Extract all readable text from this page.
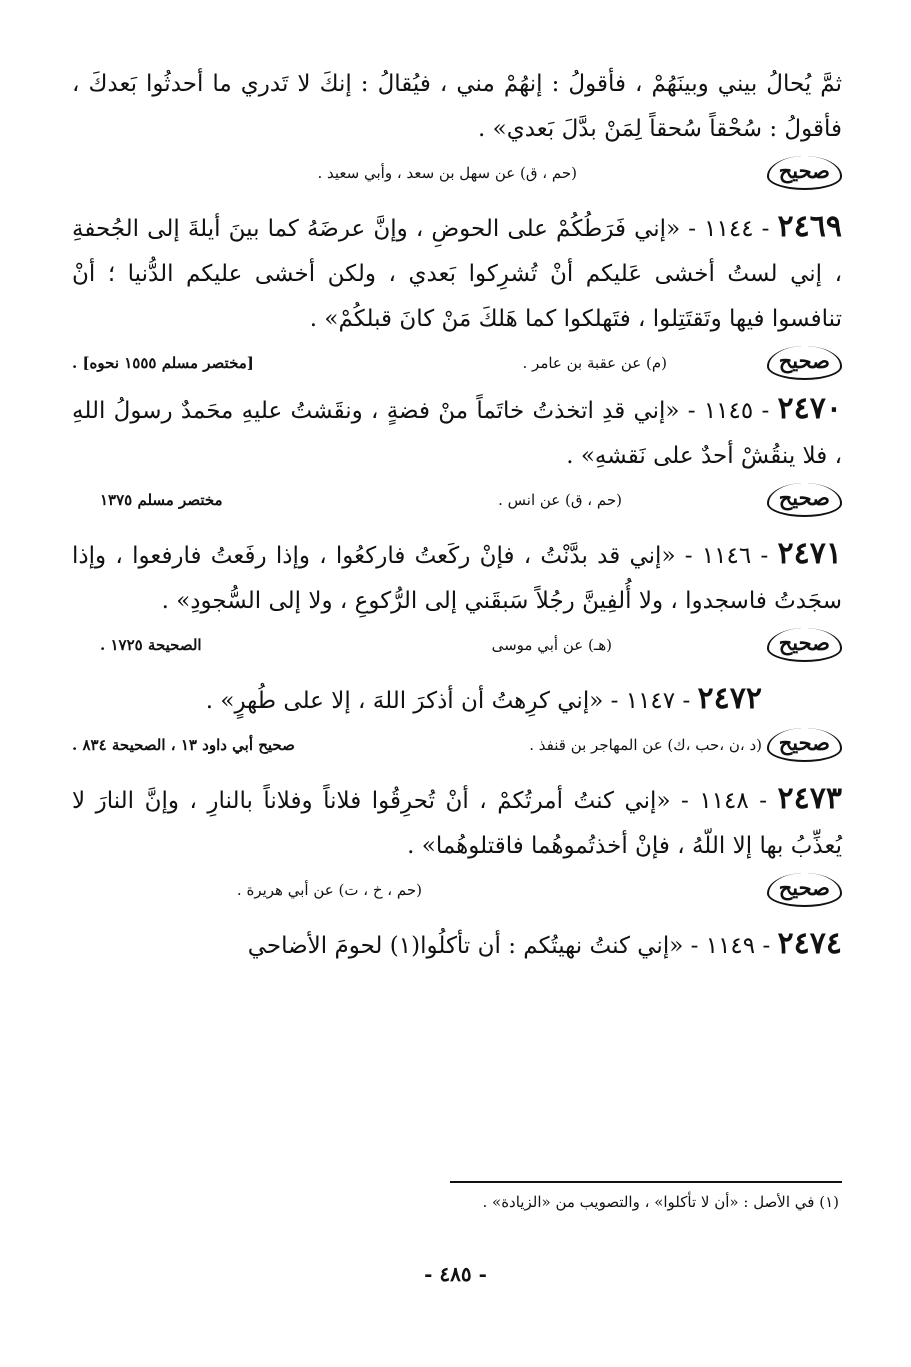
ثمَّ يُحالُ بيني وبينَهُمْ ، فأقولُ : إنهُمْ مني ، فيُقالُ : إنكَ لا تَدري ما أحدثُوا بَعدكَ ، فأقولُ : سُحْقاً سُحقاً لِمَنْ بدَّلَ بَعدي» .

صحيح
(حم ، ق) عن سهل بن سعد ، وأبي سعيد .

٢٤٦٩ - ١١٤٤ - «إني فَرَطُكُمْ على الحوضِ ، وإنَّ عرضَهُ كما بينَ أيلةَ إلى الجُحفةِ ، إني لستُ أخشى عَليكم أنْ تُشرِكوا بَعدي ، ولكن أخشى عليكم الدُّنيا ؛ أنْ تنافسوا فيها وتَقتَتِلوا ، فتَهلكوا كما هَلكَ مَنْ كانَ قبلكُمْ» .

صحيح
(م) عن عقبة بن عامر .
[مختصر مسلم ١٥٥٥ نحوه] .

٢٤٧٠ - ١١٤٥ - «إني قدِ اتخذتُ خاتَماً منْ فضةٍ ، ونقَشتُ عليهِ محَمدٌ رسولُ اللهِ ، فلا ينقُشْ أحدٌ على نَقشهِ» .

صحيح
(حم ، ق) عن انس .
مختصر مسلم ١٣٧٥

٢٤٧١ - ١١٤٦ - «إني قد بدَّنْتُ ، فإنْ ركَعتُ فاركعُوا ، وإذا رفَعتُ فارفعوا ، وإذا سجَدتُ فاسجدوا ، ولا أُلفِينَّ رجُلاً سَبقَني إلى الرُّكوعِ ، ولا إلى السُّجودِ» .

صحيح
(هـ) عن أبي موسى
الصحيحة ١٧٢٥ .

٢٤٧٢ - ١١٤٧ - «إني كرِهتُ أن أذكرَ اللهَ ، إلا على طُهرٍ» .

صحيح
(د ،ن ،حب ،ك) عن المهاجر بن قنفذ .
صحيح أبي داود ١٣ ، الصحيحة ٨٣٤ .

٢٤٧٣ - ١١٤٨ - «إني كنتُ أمرتُكمْ ، أنْ تُحرِقُوا فلاناً وفلاناً بالنارِ ، وإنَّ النارَ لا يُعذِّبُ بها إلا اللّهُ ، فإنْ أخذتُموهُما فاقتلوهُما» .

صحيح
(حم ، خ ، ت) عن أبي هريرة .

٢٤٧٤ - ١١٤٩ - «إني كنتُ نهيتُكم : أن تأكلُوا(١) لحومَ الأضاحي

(١) في الأصل : «أن لا تأكلوا» ، والتصويب من «الزيادة» .
- ٤٨٥ -
